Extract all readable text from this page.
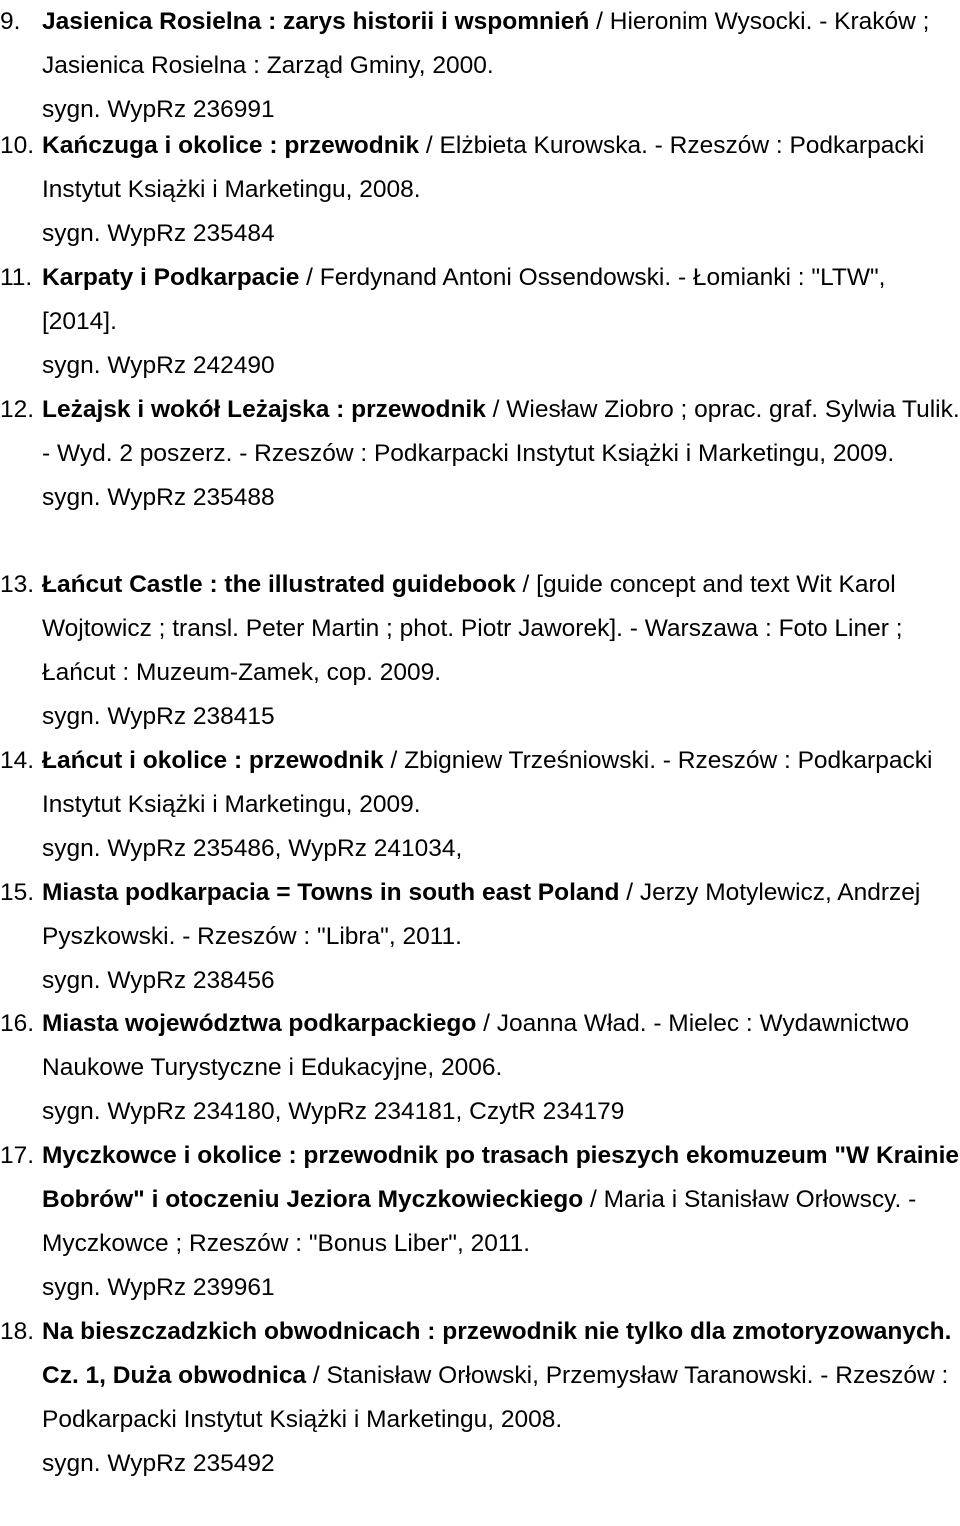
9. Jasienica Rosielna : zarys historii i wspomnień / Hieronim Wysocki. - Kraków ; Jasienica Rosielna : Zarząd Gminy, 2000.
sygn. WypRz 236991
10. Kańczuga i okolice : przewodnik / Elżbieta Kurowska. - Rzeszów : Podkarpacki Instytut Książki i Marketingu, 2008.
sygn. WypRz 235484
11. Karpaty i Podkarpacie / Ferdynand Antoni Ossendowski. - Łomianki : "LTW", [2014].
sygn. WypRz 242490
12. Leżajsk i wokół Leżajska : przewodnik / Wiesław Ziobro ; oprac. graf. Sylwia Tulik. - Wyd. 2 poszerz. - Rzeszów : Podkarpacki Instytut Książki i Marketingu, 2009.
sygn. WypRz 235488
13. Łańcut Castle : the illustrated guidebook / [guide concept and text Wit Karol Wojtowicz ; transl. Peter Martin ; phot. Piotr Jaworek]. - Warszawa : Foto Liner ; Łańcut : Muzeum-Zamek, cop. 2009.
sygn. WypRz 238415
14. Łańcut i okolice : przewodnik / Zbigniew Trześniowski. - Rzeszów : Podkarpacki Instytut Książki i Marketingu, 2009.
sygn. WypRz 235486, WypRz 241034,
15. Miasta podkarpacia = Towns in south east Poland / Jerzy Motylewicz, Andrzej Pyszkowski. - Rzeszów : "Libra", 2011.
sygn. WypRz 238456
16. Miasta województwa podkarpackiego / Joanna Wład. - Mielec : Wydawnictwo Naukowe Turystyczne i Edukacyjne, 2006.
sygn. WypRz 234180, WypRz 234181, CzytR 234179
17. Myczkowce i okolice : przewodnik po trasach pieszych ekomuzeum "W Krainie Bobrów" i otoczeniu Jeziora Myczkowieckiego / Maria i Stanisław Orłowscy. - Myczkowce ; Rzeszów : "Bonus Liber", 2011.
sygn. WypRz 239961
18. Na bieszczadzkich obwodnicach : przewodnik nie tylko dla zmotoryzowanych. Cz. 1, Duża obwodnica / Stanisław Orłowski, Przemysław Taranowski. - Rzeszów : Podkarpacki Instytut Książki i Marketingu, 2008.
sygn. WypRz 235492
